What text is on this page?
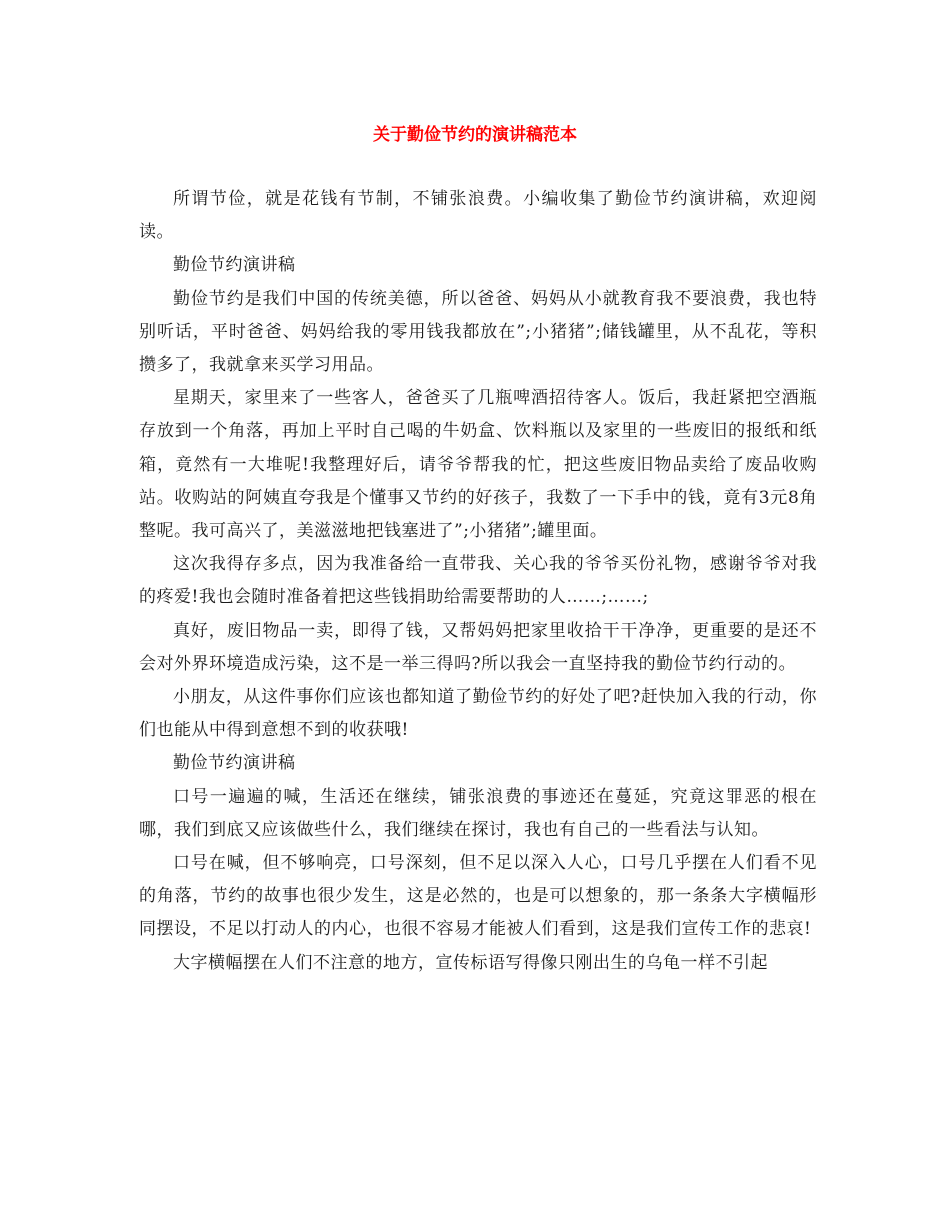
关于勤俭节约的演讲稿范本

所谓节俭，就是花钱有节制，不铺张浪费。小编收集了勤俭节约演讲稿，欢迎阅读。

勤俭节约演讲稿

勤俭节约是我们中国的传统美德，所以爸爸、妈妈从小就教育我不要浪费，我也特别听话，平时爸爸、妈妈给我的零用钱我都放在”;小猪猪”;储钱罐里，从不乱花，等积攒多了，我就拿来买学习用品。

星期天，家里来了一些客人，爸爸买了几瓶啤酒招待客人。饭后，我赶紧把空酒瓶存放到一个角落，再加上平时自己喝的牛奶盒、饮料瓶以及家里的一些废旧的报纸和纸箱，竟然有一大堆呢!我整理好后，请爷爷帮我的忙，把这些废旧物品卖给了废品收购站。收购站的阿姨直夸我是个懂事又节约的好孩子，我数了一下手中的钱，竟有3元8角整呢。我可高兴了，美滋滋地把钱塞进了”;小猪猪”;罐里面。

这次我得存多点，因为我准备给一直带我、关心我的爷爷买份礼物，感谢爷爷对我的疼爱!我也会随时准备着把这些钱捐助给需要帮助的人……;……;

真好，废旧物品一卖，即得了钱，又帮妈妈把家里收拾干干净净，更重要的是还不会对外界环境造成污染，这不是一举三得吗?所以我会一直坚持我的勤俭节约行动的。

小朋友，从这件事你们应该也都知道了勤俭节约的好处了吧?赶快加入我的行动，你们也能从中得到意想不到的收获哦!

勤俭节约演讲稿

口号一遍遍的喊，生活还在继续，铺张浪费的事迹还在蔓延，究竟这罪恶的根在哪，我们到底又应该做些什么，我们继续在探讨，我也有自己的一些看法与认知。

口号在喊，但不够响亮，口号深刻，但不足以深入人心，口号几乎摆在人们看不见的角落，节约的故事也很少发生，这是必然的，也是可以想象的，那一条条大字横幅形同摆设，不足以打动人的内心，也很不容易才能被人们看到，这是我们宣传工作的悲哀!

大字横幅摆在人们不注意的地方，宣传标语写得像只刚出生的乌龟一样不引起
